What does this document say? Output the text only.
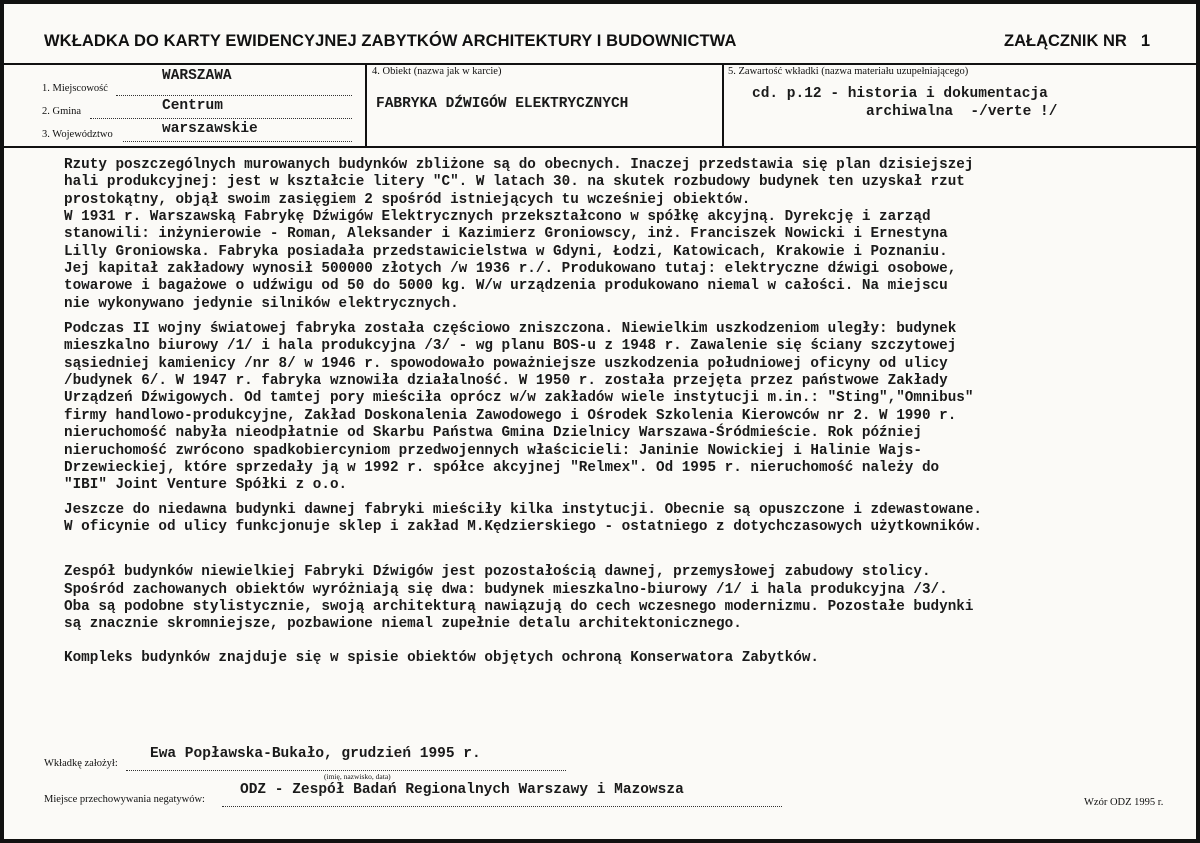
WKŁADKA DO KARTY EWIDENCYJNEJ ZABYTKÓW ARCHITEKTURY I BUDOWNICTWA	ZAŁĄCZNIK NR 1
1. Miejscowość
WARSZAWA
2. Gmina	Centrum
3. Województwo	warszawskie
4. Obiekt (nazwa jak w karcie)
FABRYKA DŹWIGÓW ELEKTRYCZNYCH
5. Zawartość wkładki (nazwa materiału uzupełniającego)
cd. p.12 - historia i dokumentacja
archiwalna  -/verte !/

Rzuty poszczególnych murowanych budynków zbliżone są do obecnych. Inaczej przedstawia się plan dzisiejszej
hali produkcyjnej: jest w kształcie litery "C". W latach 30. na skutek rozbudowy budynek ten uzyskał rzut
prostokątny, objął swoim zasięgiem 2 spośród istniejących tu wcześniej obiektów.
W 1931 r. Warszawską Fabrykę Dźwigów Elektrycznych przekształcono w spółkę akcyjną. Dyrekcję i zarząd
stanowili: inżynierowie - Roman, Aleksander i Kazimierz Groniowscy, inż. Franciszek Nowicki i Ernestyna
Lilly Groniowska. Fabryka posiadała przedstawicielstwa w Gdyni, Łodzi, Katowicach, Krakowie i Poznaniu.
Jej kapitał zakładowy wynosił 500000 złotych /w 1936 r./. Produkowano tutaj: elektryczne dźwigi osobowe,
towarowe i bagażowe o udźwigu od 50 do 5000 kg. W/w urządzenia produkowano niemal w całości. Na miejscu
nie wykonywano jedynie silników elektrycznych.

Podczas II wojny światowej fabryka została częściowo zniszczona. Niewielkim uszkodzeniom uległy: budynek
mieszkalno biurowy /1/ i hala produkcyjna /3/ - wg planu BOS-u z 1948 r. Zawalenie się ściany szczytowej
sąsiedniej kamienicy /nr 8/ w 1946 r. spowodowało poważniejsze uszkodzenia południowej oficyny od ulicy
/budynek 6/. W 1947 r. fabryka wznowiła działalność. W 1950 r. została przejęta przez państwowe Zakłady
Urządzeń Dźwigowych. Od tamtej pory mieściła oprócz w/w zakładów wiele instytucji m.in.: "Sting","Omnibus"
firmy handlowo-produkcyjne, Zakład Doskonalenia Zawodowego i Ośrodek Szkolenia Kierowców nr 2. W 1990 r.
nieruchomość nabyła nieodpłatnie od Skarbu Państwa Gmina Dzielnicy Warszawa-Śródmieście. Rok później
nieruchomość zwrócono spadkobiercyniom przedwojennych właścicieli: Janinie Nowickiej i Halinie Wajs-
Drzewieckiej, które sprzedały ją w 1992 r. spółce akcyjnej "Relmex". Od 1995 r. nieruchomość należy do
"IBI" Joint Venture Spółki z o.o.

Jeszcze do niedawna budynki dawnej fabryki mieściły kilka instytucji. Obecnie są opuszczone i zdewastowane.
W oficynie od ulicy funkcjonuje sklep i zakład M.Kędzierskiego - ostatniego z dotychczasowych użytkowników.

Zespół budynków niewielkiej Fabryki Dźwigów jest pozostałością dawnej, przemysłowej zabudowy stolicy.
Spośród zachowanych obiektów wyróżniają się dwa: budynek mieszkalno-biurowy /1/ i hala produkcyjna /3/.
Oba są podobne stylistycznie, swoją architekturą nawiązują do cech wczesnego modernizmu. Pozostałe budynki
są znacznie skromniejsze, pozbawione niemal zupełnie detalu architektonicznego.

Kompleks budynków znajduje się w spisie obiektów objętych ochroną Konserwatora Zabytków.

Wkładkę założył:
Ewa Popławska-Bukało, grudzień 1995 r.
(imię, nazwisko, data)
Miejsce przechowywania negatywów:
ODZ - Zespół Badań Regionalnych Warszawy i Mazowsza
Wzór ODZ 1995 r.
